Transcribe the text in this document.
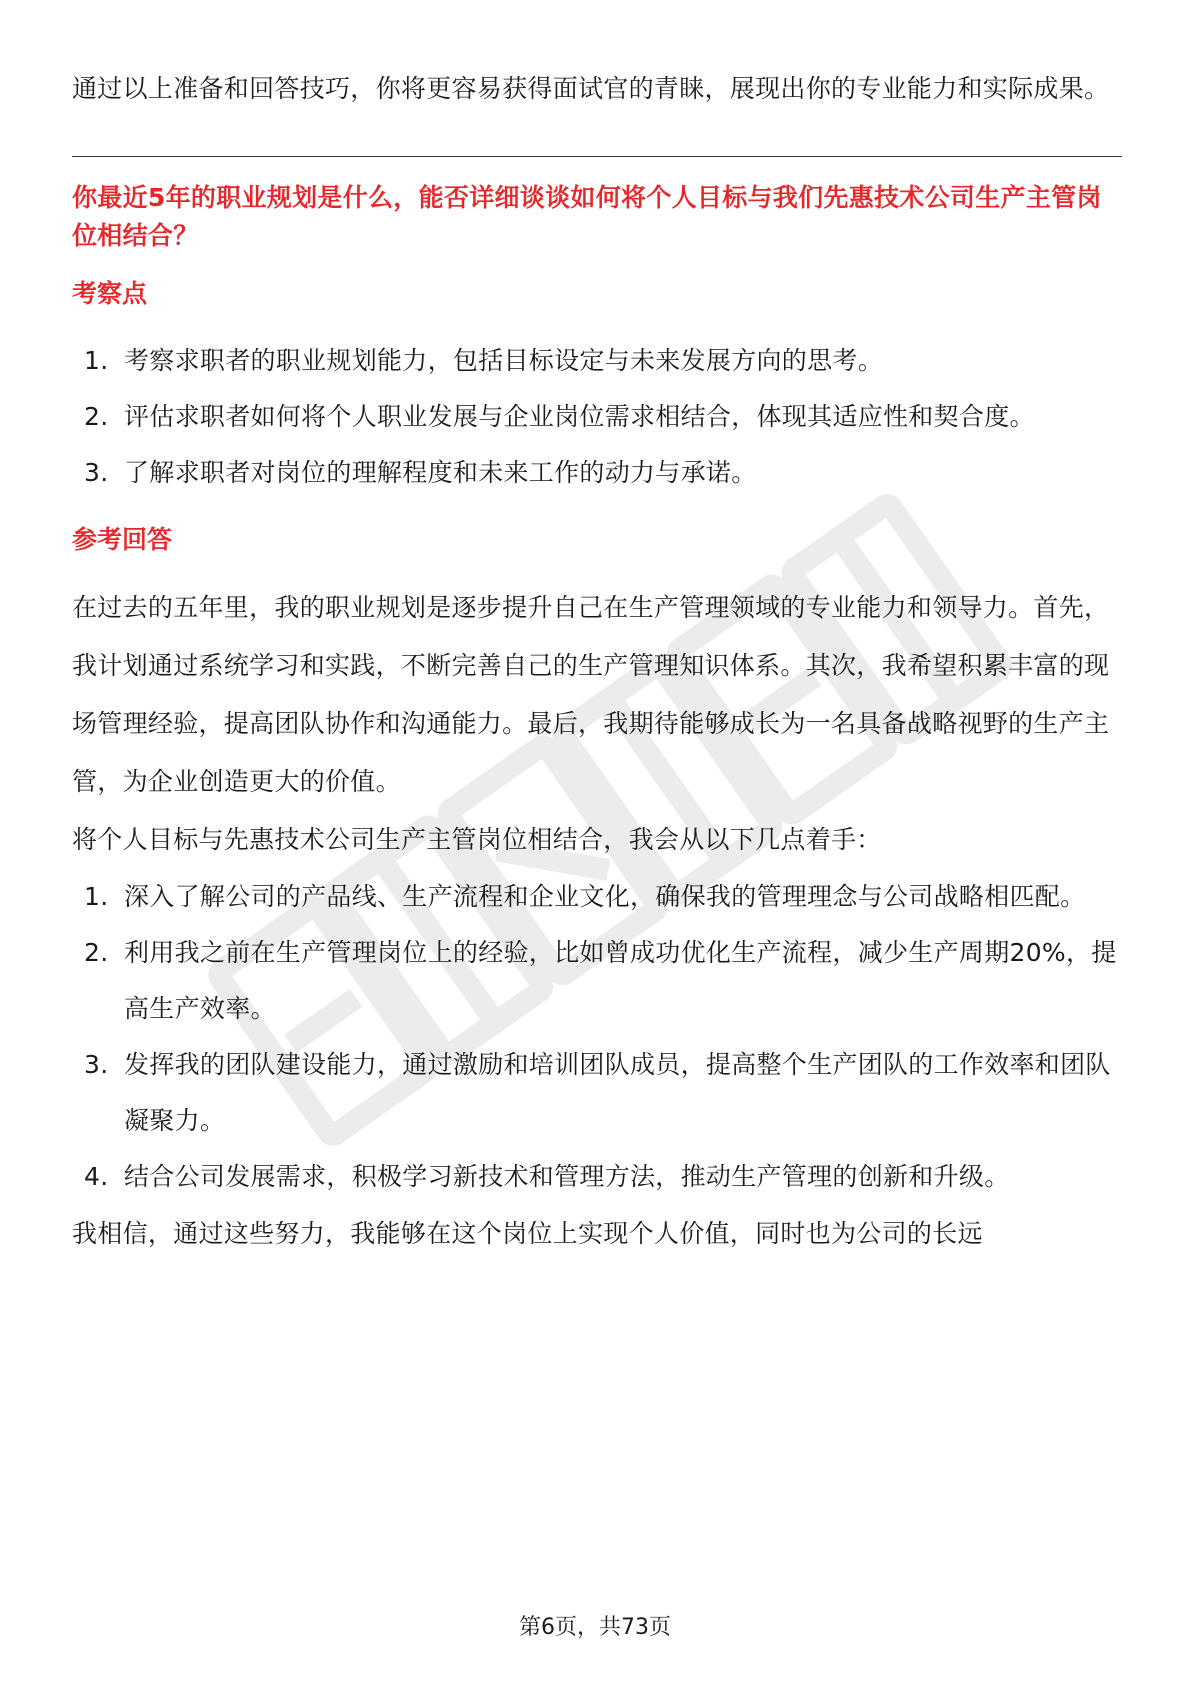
通过以上准备和回答技巧，你将更容易获得面试官的青睐，展现出你的专业能力和实际成果。

你最近5年的职业规划是什么，能否详细谈谈如何将个人目标与我们先惠技术公司生产主管岗位相结合？
考察点
1. 考察求职者的职业规划能力，包括目标设定与未来发展方向的思考。
2. 评估求职者如何将个人职业发展与企业岗位需求相结合，体现其适应性和契合度。
3. 了解求职者对岗位的理解程度和未来工作的动力与承诺。
参考回答

在过去的五年里，我的职业规划是逐步提升自己在生产管理领域的专业能力和领导力。首先，我计划通过系统学习和实践，不断完善自己的生产管理知识体系。其次，我希望积累丰富的现场管理经验，提高团队协作和沟通能力。最后，我期待能够成长为一名具备战略视野的生产主管，为企业创造更大的价值。

将个人目标与先惠技术公司生产主管岗位相结合，我会从以下几点着手：

1. 深入了解公司的产品线、生产流程和企业文化，确保我的管理理念与公司战略相匹配。
2. 利用我之前在生产管理岗位上的经验，比如曾成功优化生产流程，减少生产周期20%，提高生产效率。
3. 发挥我的团队建设能力，通过激励和培训团队成员，提高整个生产团队的工作效率和团队凝聚力。
4. 结合公司发展需求，积极学习新技术和管理方法，推动生产管理的创新和升级。

我相信，通过这些努力，我能够在这个岗位上实现个人价值，同时也为公司的长远

第6页，共73页
